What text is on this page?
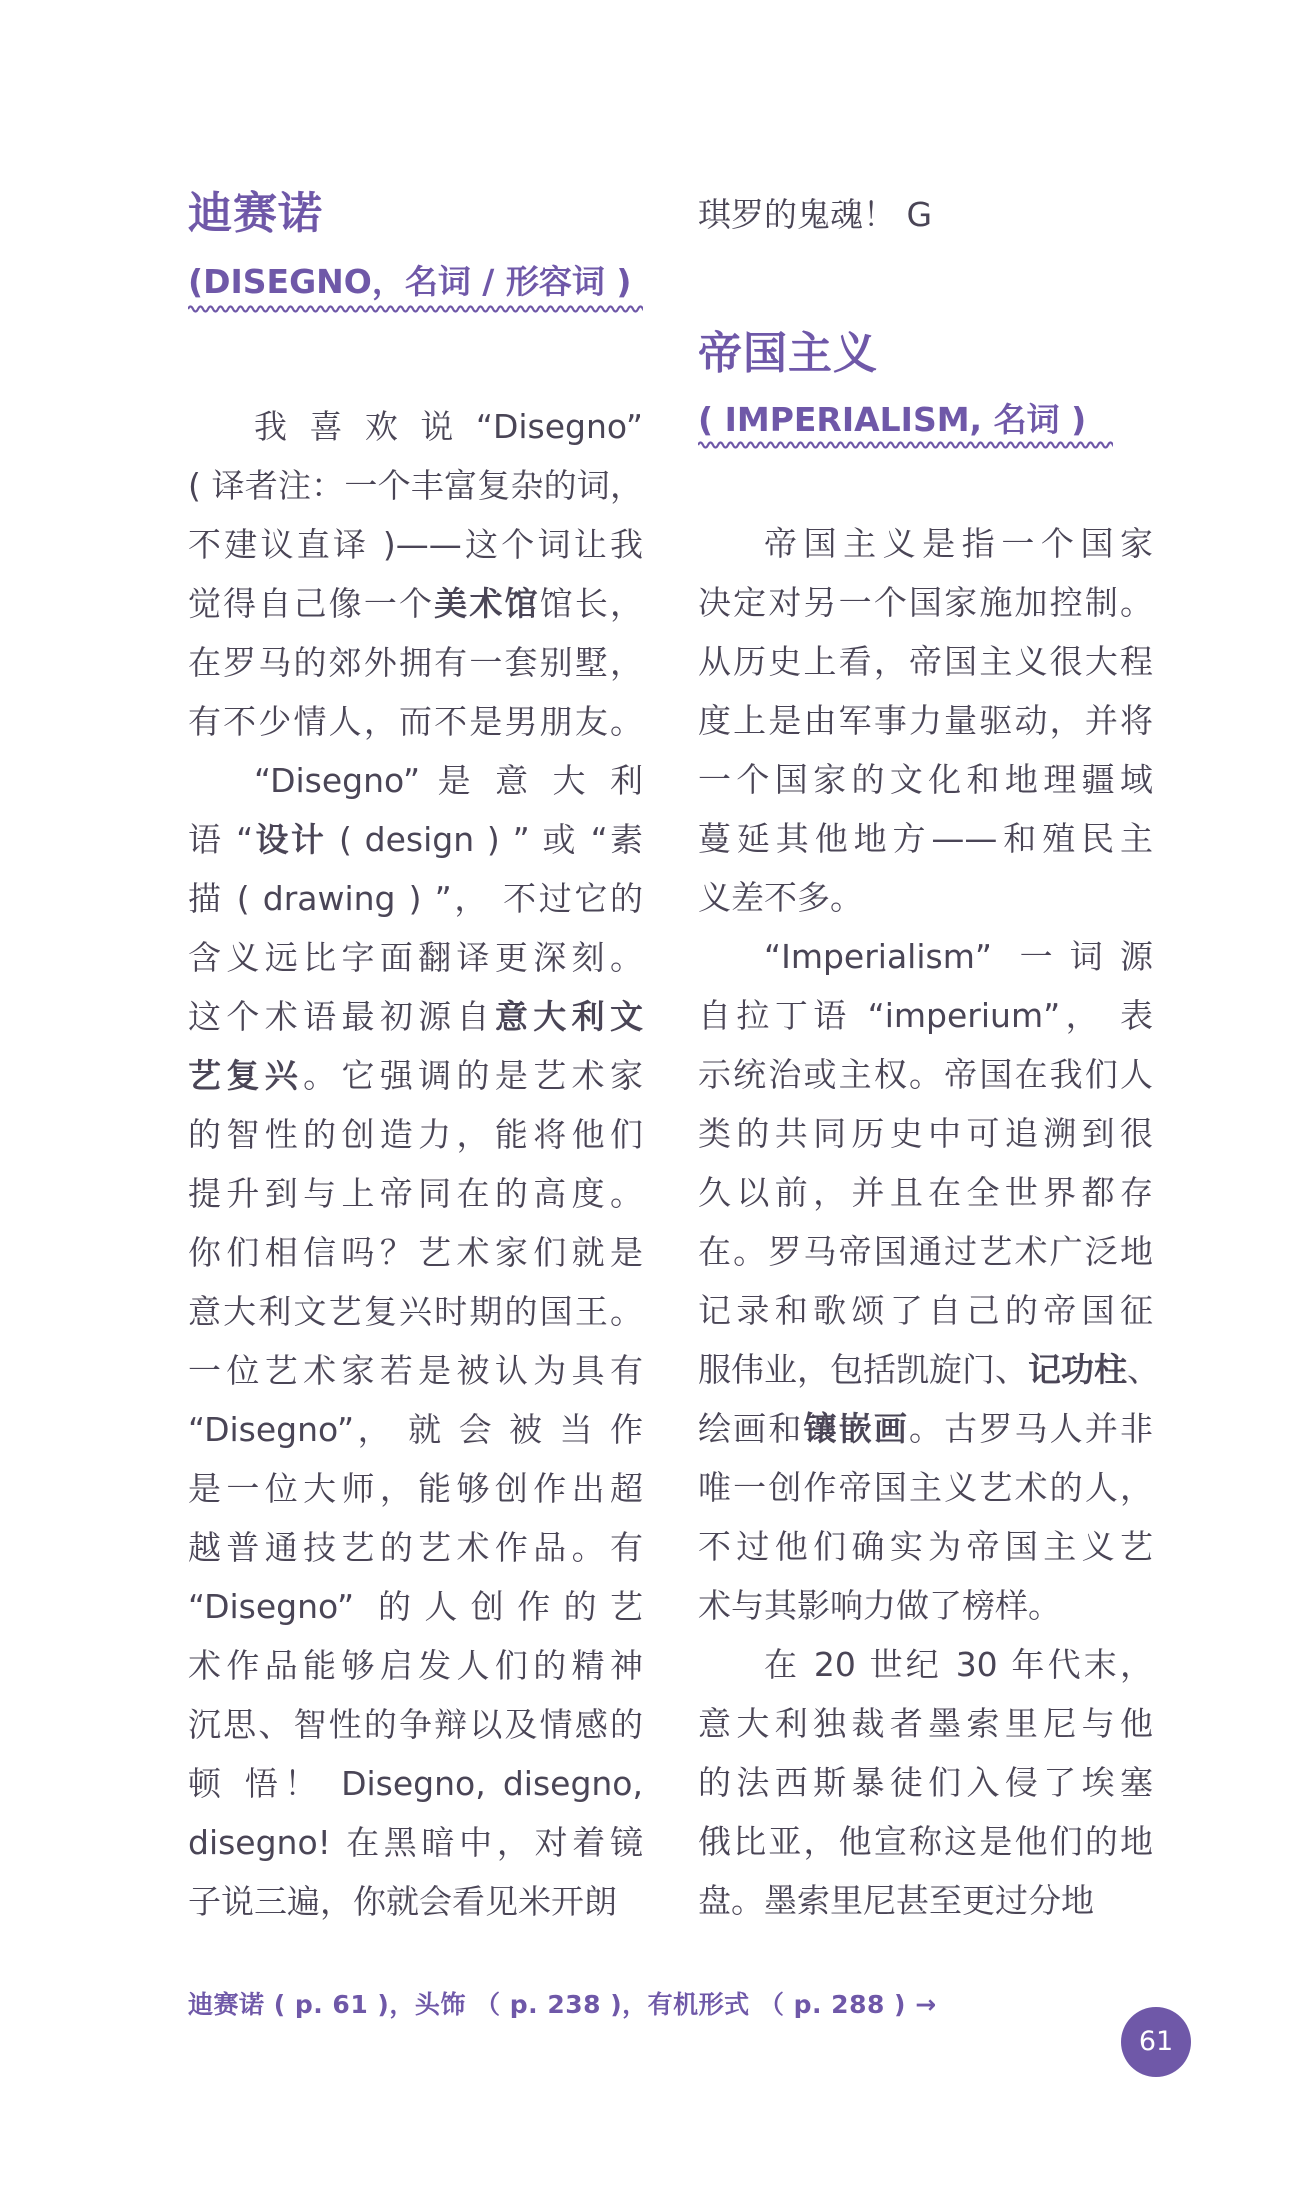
迪赛诺
(DISEGNO，名词 / 形容词 )
我 喜 欢 说 “Disegno”
( 译者注：一个丰富复杂的词，
不建议直译 )——这个词让我
觉得自己像一个美术馆馆长，
在罗马的郊外拥有一套别墅，
有不少情人，而不是男朋友。
“Disegno” 是 意 大 利
语 “设计 ( design ) ” 或 “素
描 ( drawing ) ”， 不过它的
含义远比字面翻译更深刻。
这个术语最初源自意大利文
艺复兴。它强调的是艺术家
的智性的创造力，能将他们
提升到与上帝同在的高度。
你们相信吗？艺术家们就是
意大利文艺复兴时期的国王。
一位艺术家若是被认为具有
“Disegno”， 就 会 被 当 作
是一位大师，能够创作出超
越普通技艺的艺术作品。有
“Disegno” 的人创作的艺
术作品能够启发人们的精神
沉思、智性的争辩以及情感的
顿 悟！ Disegno, disegno,
disegno! 在黑暗中，对着镜
子说三遍，你就会看见米开朗
琪罗的鬼魂！ G
帝国主义
( IMPERIALISM, 名词 )
帝国主义是指一个国家
决定对另一个国家施加控制。
从历史上看，帝国主义很大程
度上是由军事力量驱动，并将
一个国家的文化和地理疆域
蔓延其他地方——和殖民主
义差不多。
“Imperialism” 一词源
自拉丁语 “imperium”， 表
示统治或主权。帝国在我们人
类的共同历史中可追溯到很
久以前，并且在全世界都存
在。罗马帝国通过艺术广泛地
记录和歌颂了自己的帝国征
服伟业，包括凯旋门、记功柱、
绘画和镶嵌画。古罗马人并非
唯一创作帝国主义艺术的人，
不过他们确实为帝国主义艺
术与其影响力做了榜样。
在 20 世纪 30 年代末，
意大利独裁者墨索里尼与他
的法西斯暴徒们入侵了埃塞
俄比亚，他宣称这是他们的地
盘。墨索里尼甚至更过分地
迪赛诺 ( p. 61 )，头饰 （ p. 238 )，有机形式 （ p. 288 ) →
61
